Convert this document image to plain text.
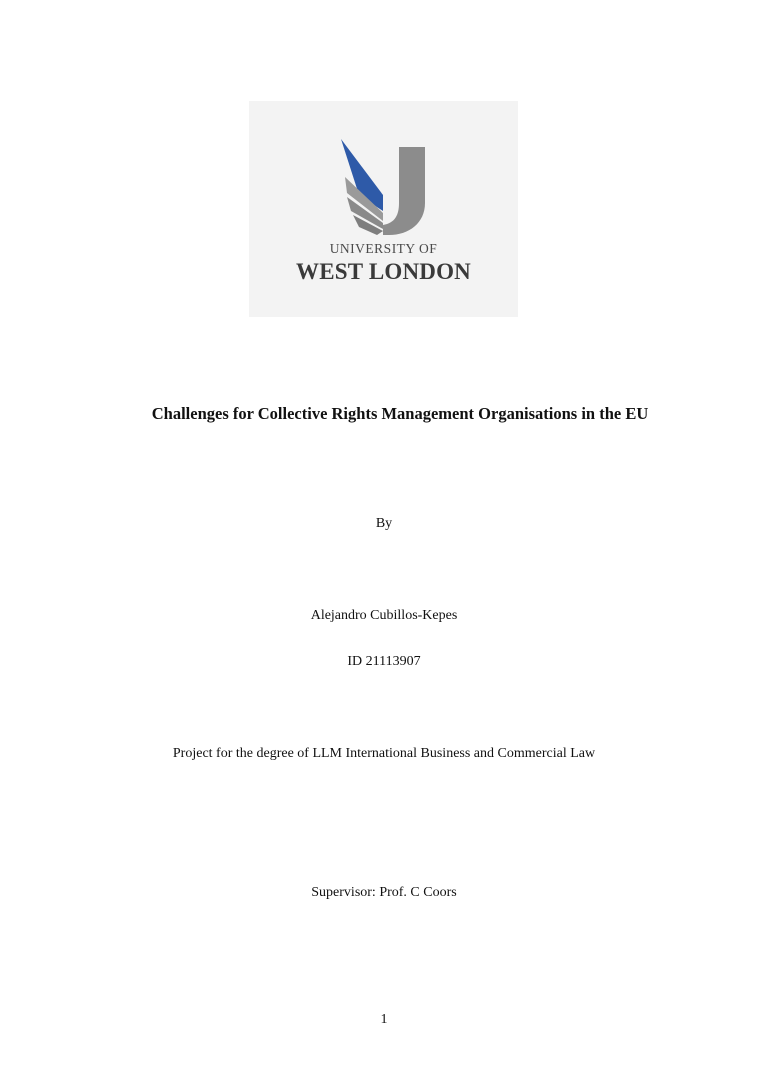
UNIVERSITY OF
WEST LONDON
Challenges for Collective Rights Management Organisations in the EU
By
Alejandro Cubillos-Kepes
ID 21113907
Project for the degree of LLM International Business and Commercial Law
Supervisor: Prof. C Coors
1
